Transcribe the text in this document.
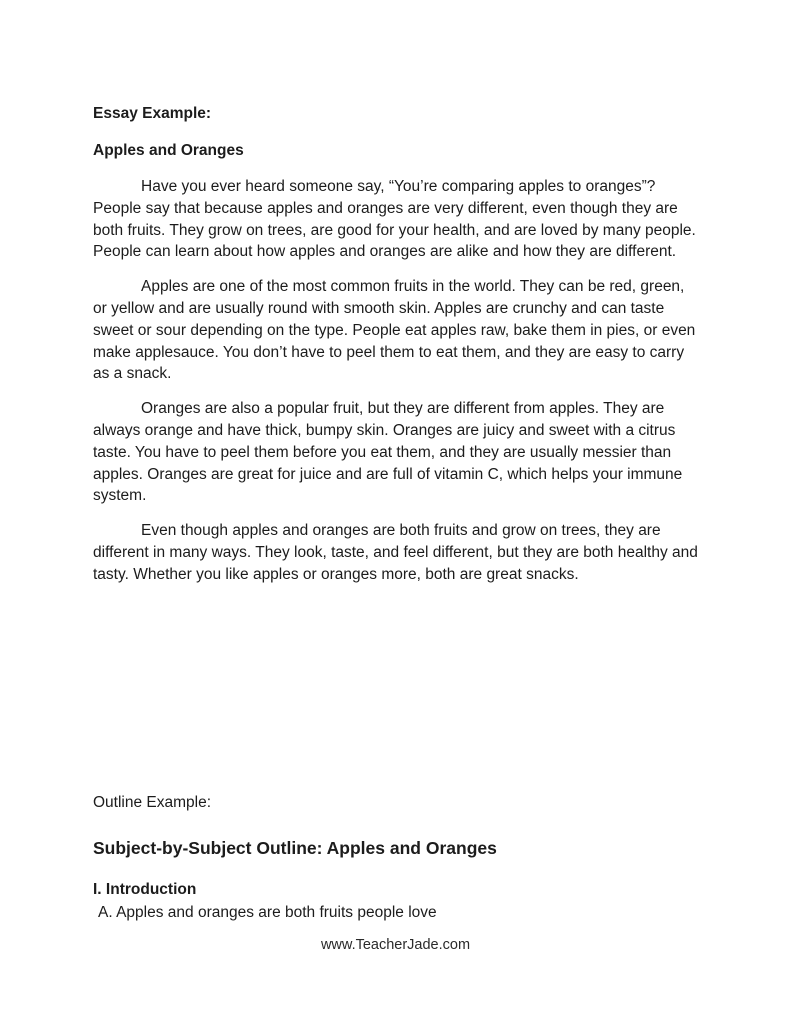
Essay Example:

Apples and Oranges

Have you ever heard someone say, “You’re comparing apples to oranges”? People say that because apples and oranges are very different, even though they are both fruits. They grow on trees, are good for your health, and are loved by many people. People can learn about how apples and oranges are alike and how they are different.

Apples are one of the most common fruits in the world. They can be red, green, or yellow and are usually round with smooth skin. Apples are crunchy and can taste sweet or sour depending on the type. People eat apples raw, bake them in pies, or even make applesauce. You don’t have to peel them to eat them, and they are easy to carry as a snack.

Oranges are also a popular fruit, but they are different from apples. They are always orange and have thick, bumpy skin. Oranges are juicy and sweet with a citrus taste. You have to peel them before you eat them, and they are usually messier than apples. Oranges are great for juice and are full of vitamin C, which helps your immune system.

Even though apples and oranges are both fruits and grow on trees, they are different in many ways. They look, taste, and feel different, but they are both healthy and tasty. Whether you like apples or oranges more, both are great snacks.

Outline Example:

Subject-by-Subject Outline: Apples and Oranges

I. Introduction

A. Apples and oranges are both fruits people love

www.TeacherJade.com
